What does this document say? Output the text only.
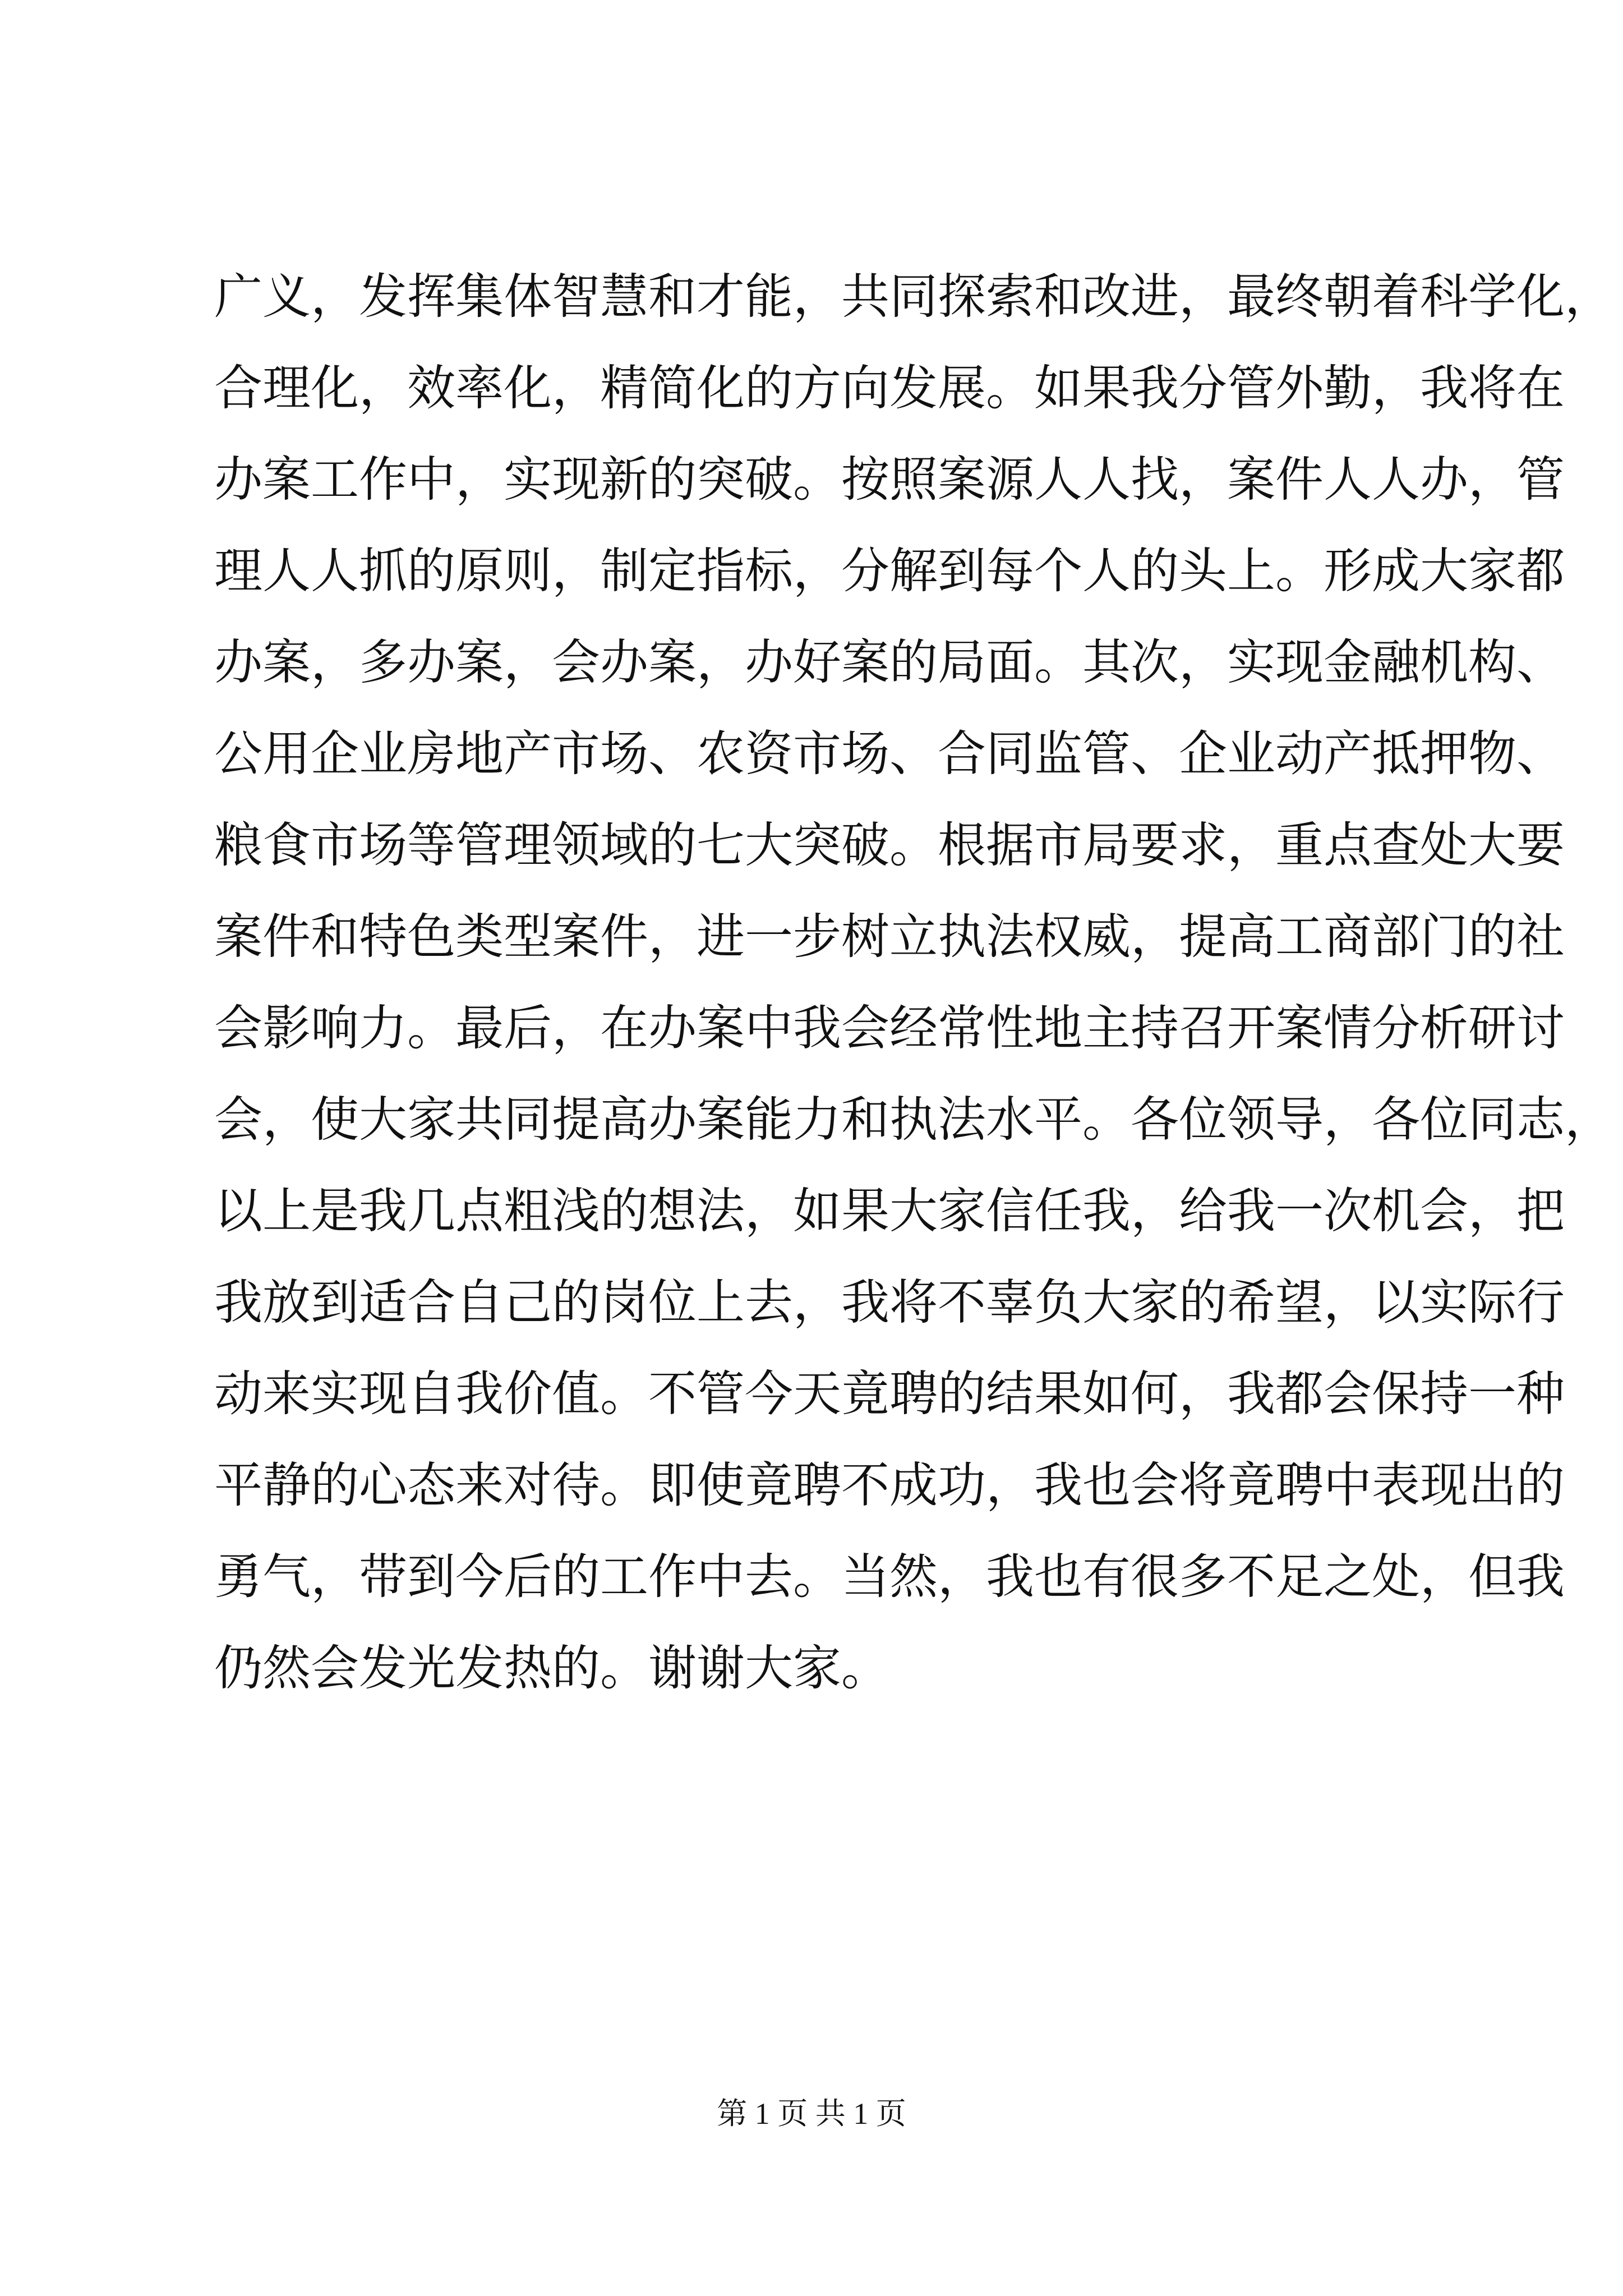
广义，发挥集体智慧和才能，共同探索和改进，最终朝着科学化，
合理化，效率化，精简化的方向发展。如果我分管外勤，我将在
办案工作中，实现新的突破。按照案源人人找，案件人人办，管
理人人抓的原则，制定指标，分解到每个人的头上。形成大家都
办案，多办案，会办案，办好案的局面。其次，实现金融机构、
公用企业房地产市场、农资市场、合同监管、企业动产抵押物、
粮食市场等管理领域的七大突破。根据市局要求，重点查处大要
案件和特色类型案件，进一步树立执法权威，提高工商部门的社
会影响力。最后，在办案中我会经常性地主持召开案情分析研讨
会，使大家共同提高办案能力和执法水平。各位领导，各位同志，
以上是我几点粗浅的想法，如果大家信任我，给我一次机会，把
我放到适合自己的岗位上去，我将不辜负大家的希望，以实际行
动来实现自我价值。不管今天竟聘的结果如何，我都会保持一种
平静的心态来对待。即使竟聘不成功，我也会将竟聘中表现出的
勇气，带到今后的工作中去。当然，我也有很多不足之处，但我
仍然会发光发热的。谢谢大家。
第 1 页 共 1 页
